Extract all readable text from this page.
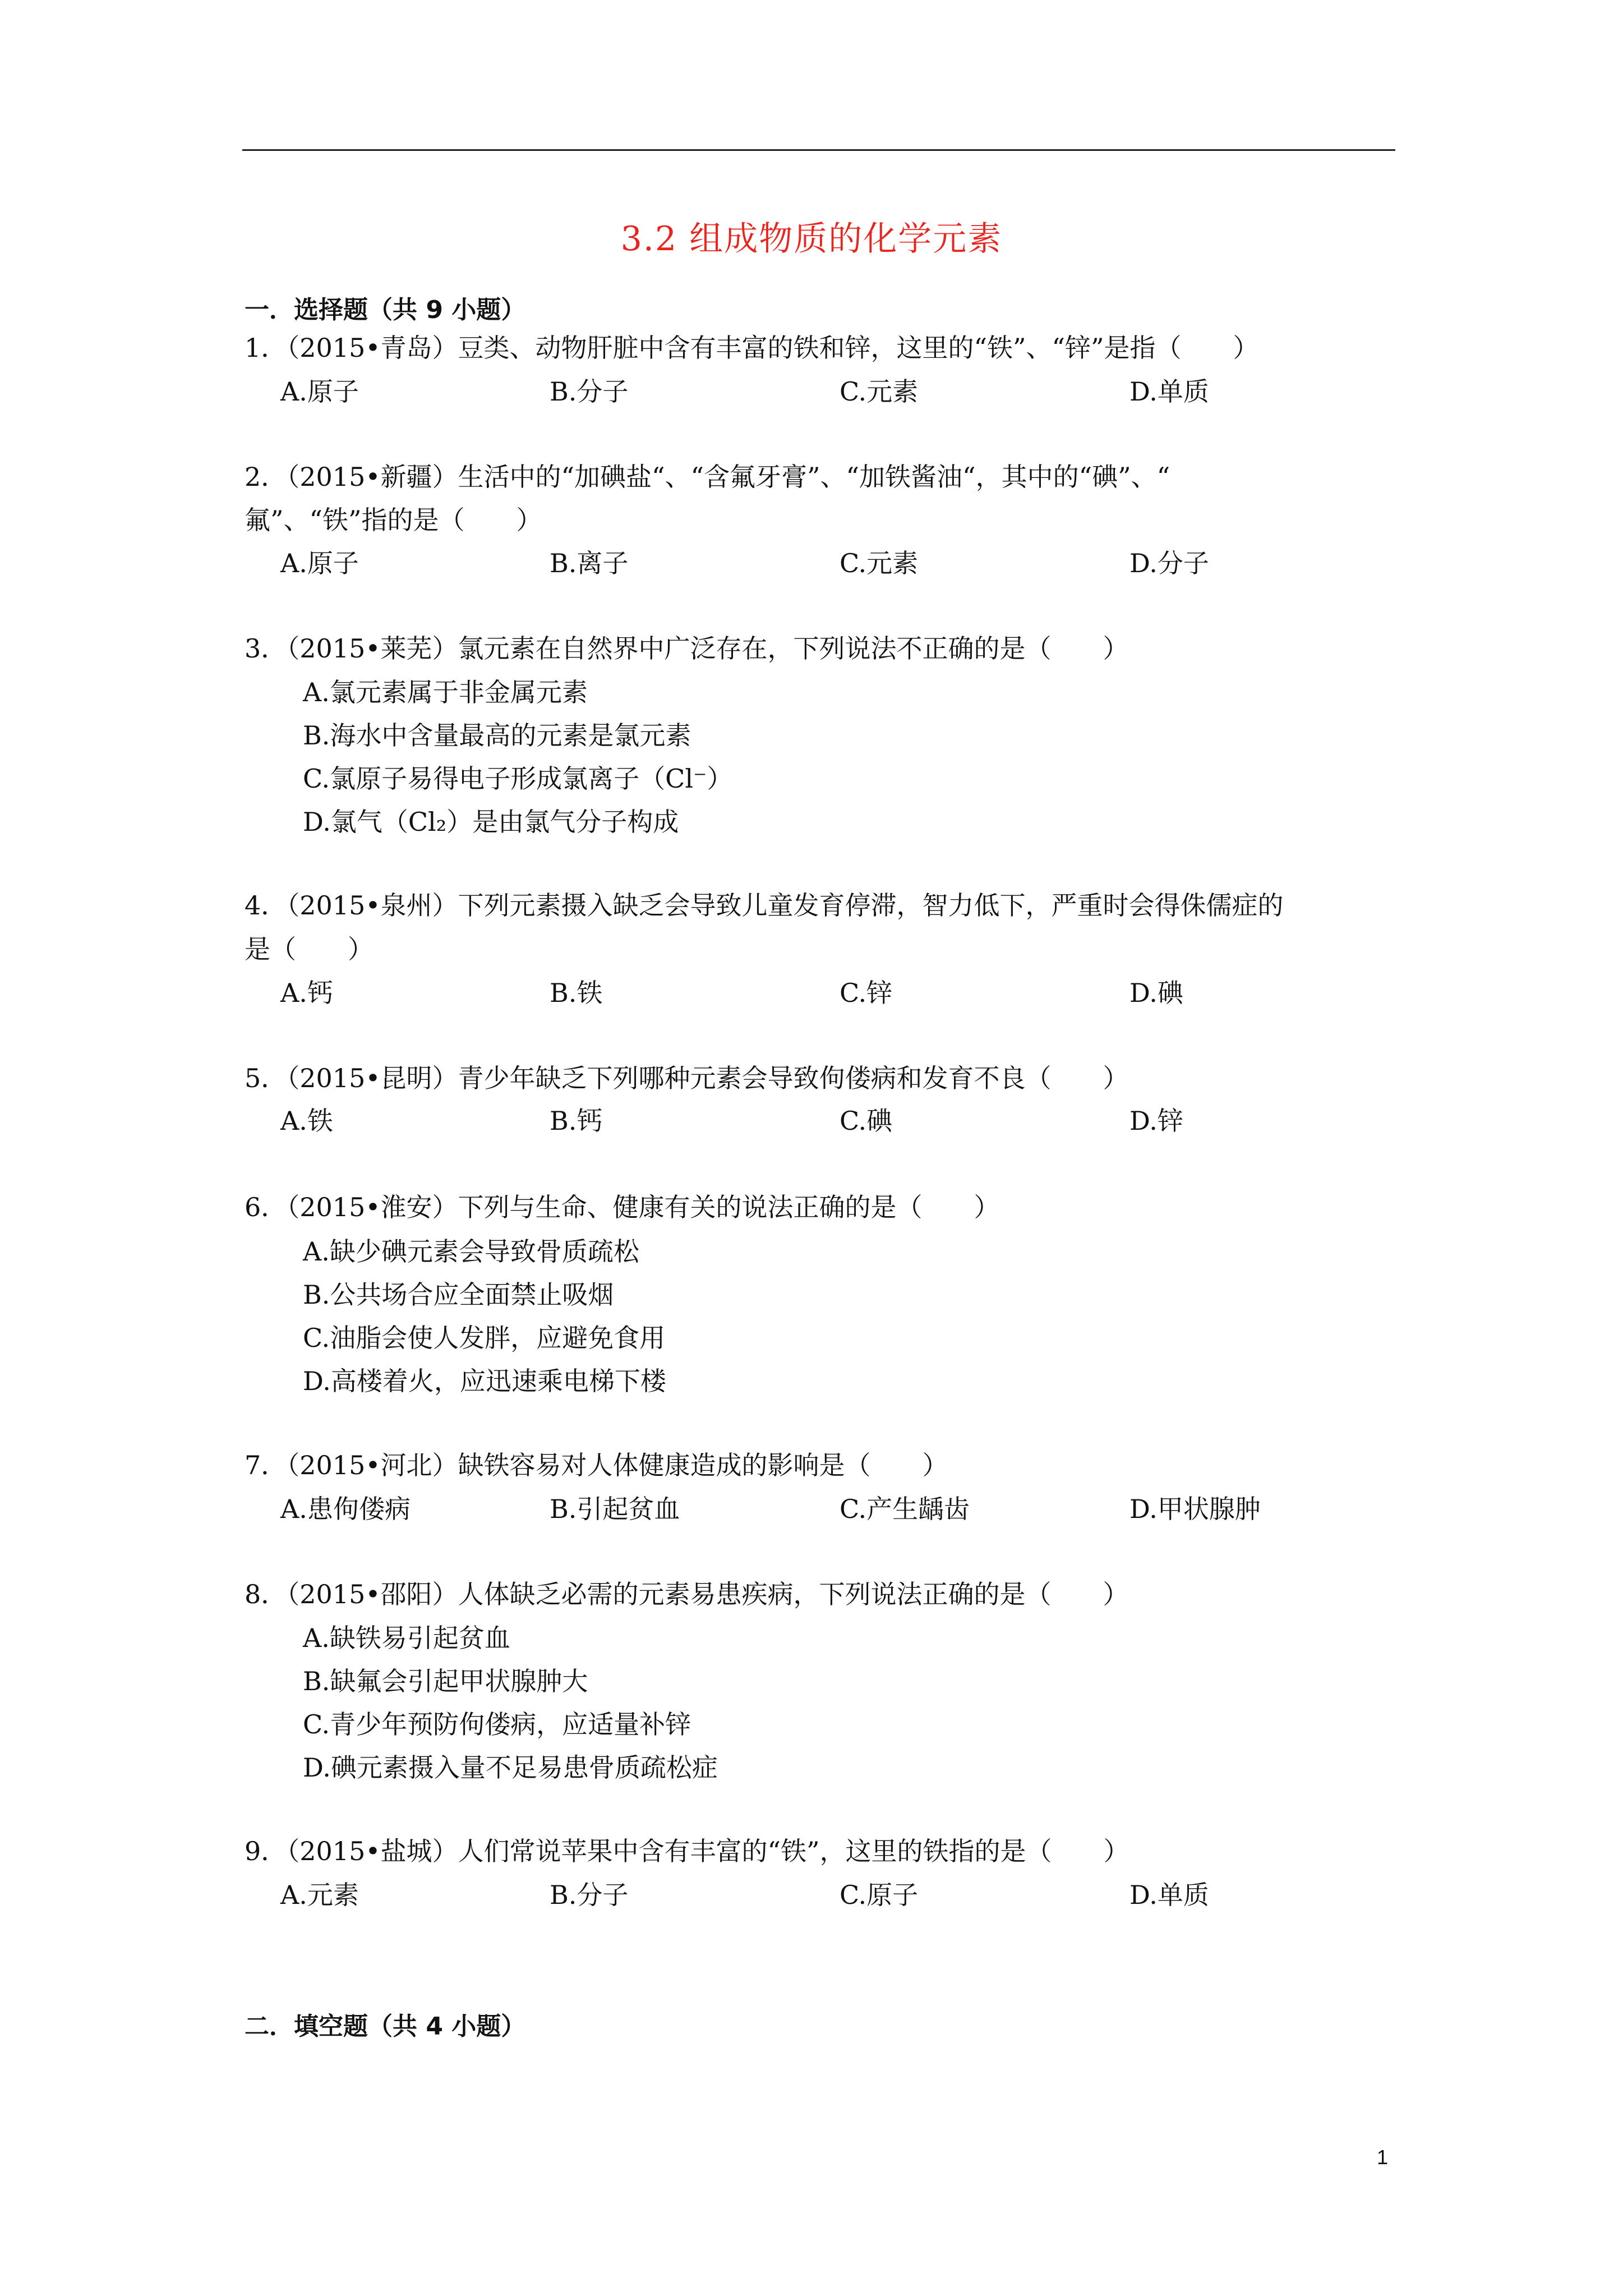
3.2 组成物质的化学元素
一．选择题（共 9 小题）
1．（2015•青岛）豆类、动物肝脏中含有丰富的铁和锌，这里的“铁”、“锌”是指（　　）
A.原子	B.分子	C.元素	D.单质
2．（2015•新疆）生活中的“加碘盐“、“含氟牙膏”、“加铁酱油“，其中的“碘”、“
氟”、“铁”指的是（　　）
A.原子	B.离子	C.元素	D.分子
3．（2015•莱芜）氯元素在自然界中广泛存在，下列说法不正确的是（　　）
A.氯元素属于非金属元素
B.海水中含量最高的元素是氯元素
C.氯原子易得电子形成氯离子（Cl⁻）
D.氯气（Cl₂）是由氯气分子构成
4．（2015•泉州）下列元素摄入缺乏会导致儿童发育停滞，智力低下，严重时会得侏儒症的
是（　　）
A.钙	B.铁	C.锌	D.碘
5．（2015•昆明）青少年缺乏下列哪种元素会导致佝偻病和发育不良（　　）
A.铁	B.钙	C.碘	D.锌
6．（2015•淮安）下列与生命、健康有关的说法正确的是（　　）
A.缺少碘元素会导致骨质疏松
B.公共场合应全面禁止吸烟
C.油脂会使人发胖，应避免食用
D.高楼着火，应迅速乘电梯下楼
7．（2015•河北）缺铁容易对人体健康造成的影响是（　　）
A.患佝偻病	B.引起贫血	C.产生龋齿	D.甲状腺肿
8．（2015•邵阳）人体缺乏必需的元素易患疾病，下列说法正确的是（　　）
A.缺铁易引起贫血
B.缺氟会引起甲状腺肿大
C.青少年预防佝偻病，应适量补锌
D.碘元素摄入量不足易患骨质疏松症
9．（2015•盐城）人们常说苹果中含有丰富的“铁”，这里的铁指的是（　　）
A.元素	B.分子	C.原子	D.单质
二．填空题（共 4 小题）
1
